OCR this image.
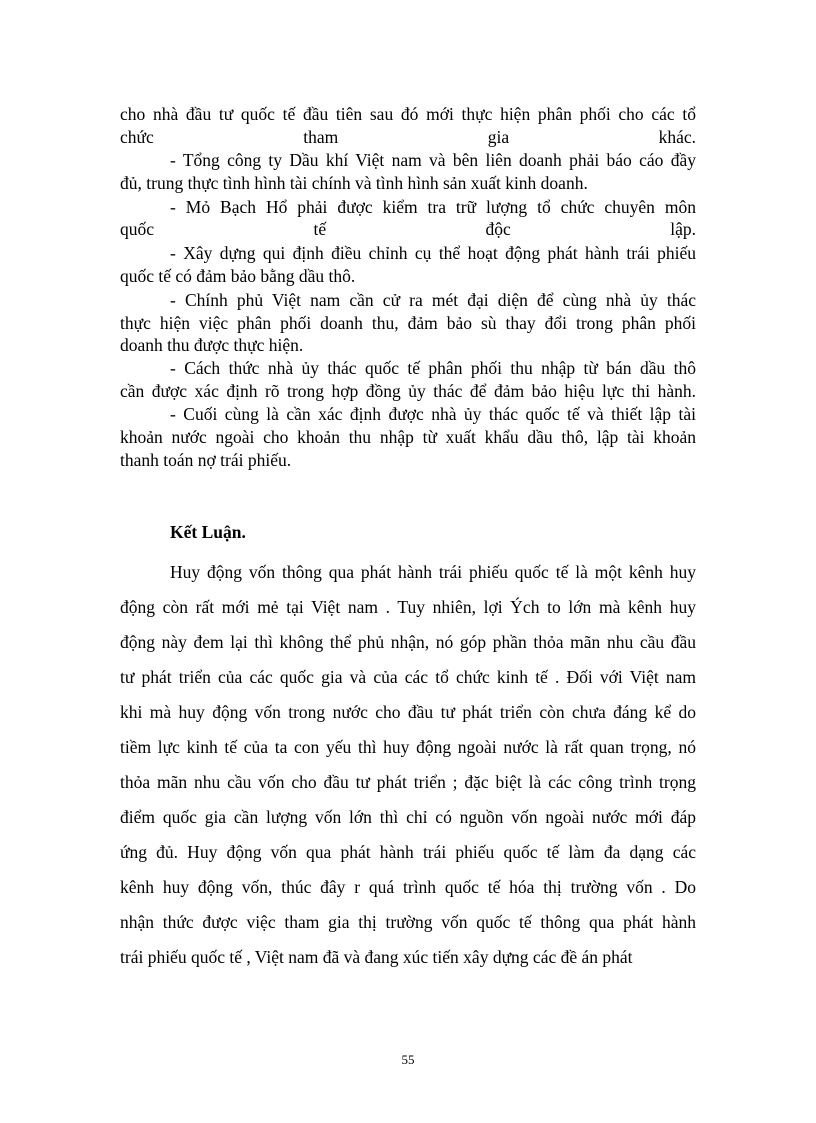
cho nhà đầu tư quốc tế đầu tiên sau đó mới thực hiện phân phối cho các tổ
chức tham gia khác.
- Tổng công ty Dầu khí Việt nam và bên liên doanh phải báo cáo đầy
đủ, trung thực tình hình tài chính và tình hình sản xuất kinh doanh.
- Mỏ Bạch Hổ phải được kiểm tra trữ lượng tổ chức chuyên môn
quốc tế độc lập.
- Xây dựng qui định điều chỉnh cụ thể hoạt động phát hành trái phiếu
quốc tế có đảm bảo bằng dầu thô.
- Chính phủ Việt nam cần cử ra mét đại diện để cùng nhà ủy thác
thực hiện việc phân phối doanh thu, đảm bảo sù thay đổi trong phân phối
doanh thu được thực hiện.
- Cách thức nhà ủy thác quốc tế phân phối thu nhập từ bán dầu thô
cần được xác định rõ trong hợp đồng ủy thác để đảm bảo hiệu lực thi hành.
- Cuối cùng là cần xác định được nhà ủy thác quốc tế và thiết lập tài
khoản nước ngoài cho khoản thu nhập từ xuất khẩu dầu thô, lập tài khoản
thanh toán nợ trái phiếu.
Kết Luận.
Huy động vốn thông qua phát hành trái phiếu quốc tế là một kênh huy
động còn rất mới mẻ tại Việt nam . Tuy nhiên, lợi Ých to lớn mà kênh huy
động này đem lại thì không thể phủ nhận, nó góp phần thỏa mãn nhu cầu đầu
tư phát triển của các quốc gia và của các tổ chức kinh tế . Đối với Việt nam
khi mà huy động vốn trong nước cho đầu tư phát triển còn chưa đáng kể do
tiềm lực kinh tế của ta con yếu thì huy động ngoài nước là rất quan trọng, nó
thỏa mãn nhu cầu vốn cho đầu tư phát triển ; đặc biệt là các công trình trọng
điểm quốc gia cần lượng vốn lớn thì chỉ có nguồn vốn ngoài nước mới đáp
ứng đủ. Huy động vốn qua phát hành trái phiếu quốc tế làm đa dạng các
kênh huy động vốn, thúc đây r quá trình quốc tế hóa thị trường vốn . Do
nhận thức được việc tham gia thị trường vốn quốc tế thông qua phát hành
trái phiếu quốc tế , Việt nam đã và đang xúc tiến xây dựng các đề án phát
55
